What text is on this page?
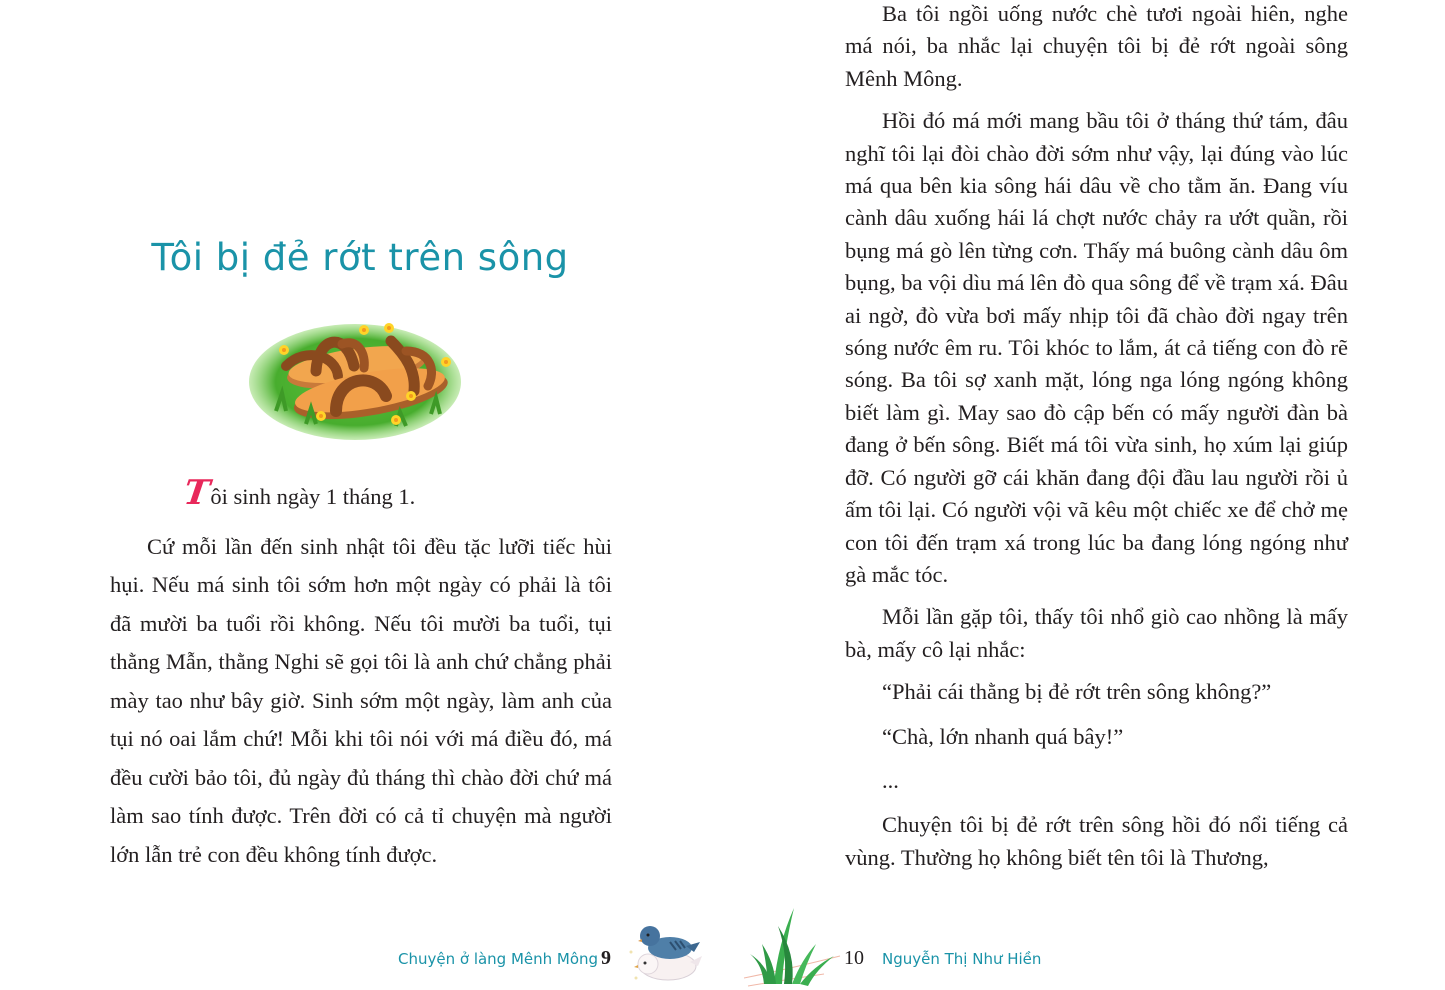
Tôi bị đẻ rớt trên sông

Tôi sinh ngày 1 tháng 1.

Cứ mỗi lần đến sinh nhật tôi đều tặc lưỡi tiếc hùi hụi. Nếu má sinh tôi sớm hơn một ngày có phải là tôi đã mười ba tuổi rồi không. Nếu tôi mười ba tuổi, tụi thằng Mẫn, thằng Nghi sẽ gọi tôi là anh chứ chẳng phải mày tao như bây giờ. Sinh sớm một ngày, làm anh của tụi nó oai lắm chứ! Mỗi khi tôi nói với má điều đó, má đều cười bảo tôi, đủ ngày đủ tháng thì chào đời chứ má làm sao tính được. Trên đời có cả tỉ chuyện mà người lớn lẫn trẻ con đều không tính được.

Chuyện ở làng Mênh Mông 9

Ba tôi ngồi uống nước chè tươi ngoài hiên, nghe má nói, ba nhắc lại chuyện tôi bị đẻ rớt ngoài sông Mênh Mông.

Hồi đó má mới mang bầu tôi ở tháng thứ tám, đâu nghĩ tôi lại đòi chào đời sớm như vậy, lại đúng vào lúc má qua bên kia sông hái dâu về cho tằm ăn. Đang víu cành dâu xuống hái lá chợt nước chảy ra ướt quần, rồi bụng má gò lên từng cơn. Thấy má buông cành dâu ôm bụng, ba vội dìu má lên đò qua sông để về trạm xá. Đâu ai ngờ, đò vừa bơi mấy nhịp tôi đã chào đời ngay trên sóng nước êm ru. Tôi khóc to lắm, át cả tiếng con đò rẽ sóng. Ba tôi sợ xanh mặt, lóng nga lóng ngóng không biết làm gì. May sao đò cập bến có mấy người đàn bà đang ở bến sông. Biết má tôi vừa sinh, họ xúm lại giúp đỡ. Có người gỡ cái khăn đang đội đầu lau người rồi ủ ấm tôi lại. Có người vội vã kêu một chiếc xe để chở mẹ con tôi đến trạm xá trong lúc ba đang lóng ngóng như gà mắc tóc.

Mỗi lần gặp tôi, thấy tôi nhổ giò cao nhồng là mấy bà, mấy cô lại nhắc:

“Phải cái thằng bị đẻ rớt trên sông không?”

“Chà, lớn nhanh quá bây!”

...

Chuyện tôi bị đẻ rớt trên sông hồi đó nổi tiếng cả vùng. Thường họ không biết tên tôi là Thương,

10 Nguyễn Thị Như Hiền
